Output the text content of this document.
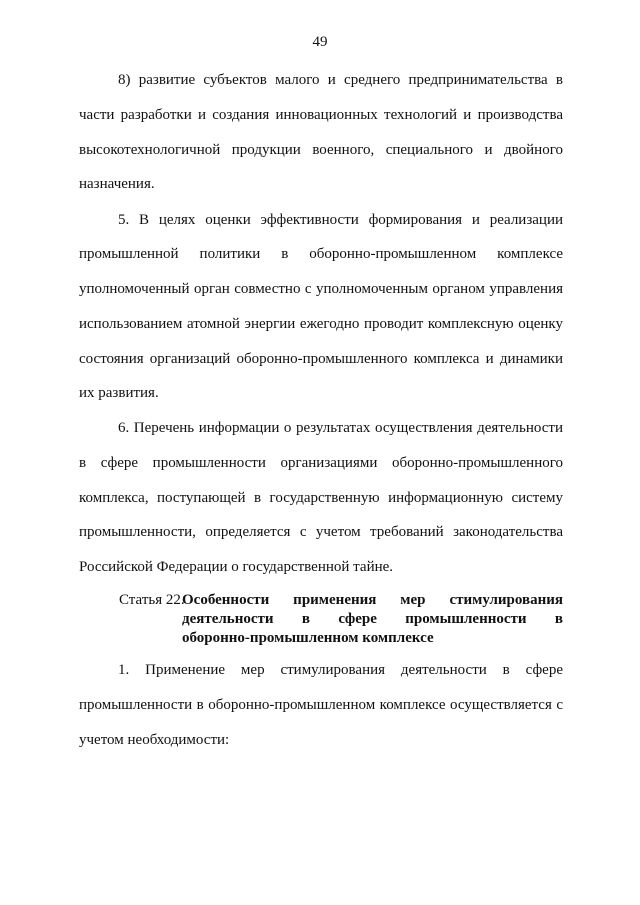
49
8) развитие субъектов малого и среднего предпринимательства в
части разработки и создания инновационных технологий и производства
высокотехнологичной продукции военного, специального и двойного
назначения.
5. В целях оценки эффективности формирования и реализации
промышленной политики в оборонно-промышленном комплексе
уполномоченный орган совместно с уполномоченным органом управления
использованием атомной энергии ежегодно проводит комплексную оценку
состояния организаций оборонно-промышленного комплекса и динамики
их развития.
6. Перечень информации о результатах осуществления деятельности
в сфере промышленности организациями оборонно-промышленного
комплекса, поступающей в государственную информационную систему
промышленности, определяется с учетом требований законодательства
Российской Федерации о государственной тайне.
Статья 22.
Особенности применения мер стимулирования
деятельности в сфере промышленности в
оборонно-промышленном комплексе
1. Применение мер стимулирования деятельности в сфере
промышленности в оборонно-промышленном комплексе осуществляется с
учетом необходимости:
